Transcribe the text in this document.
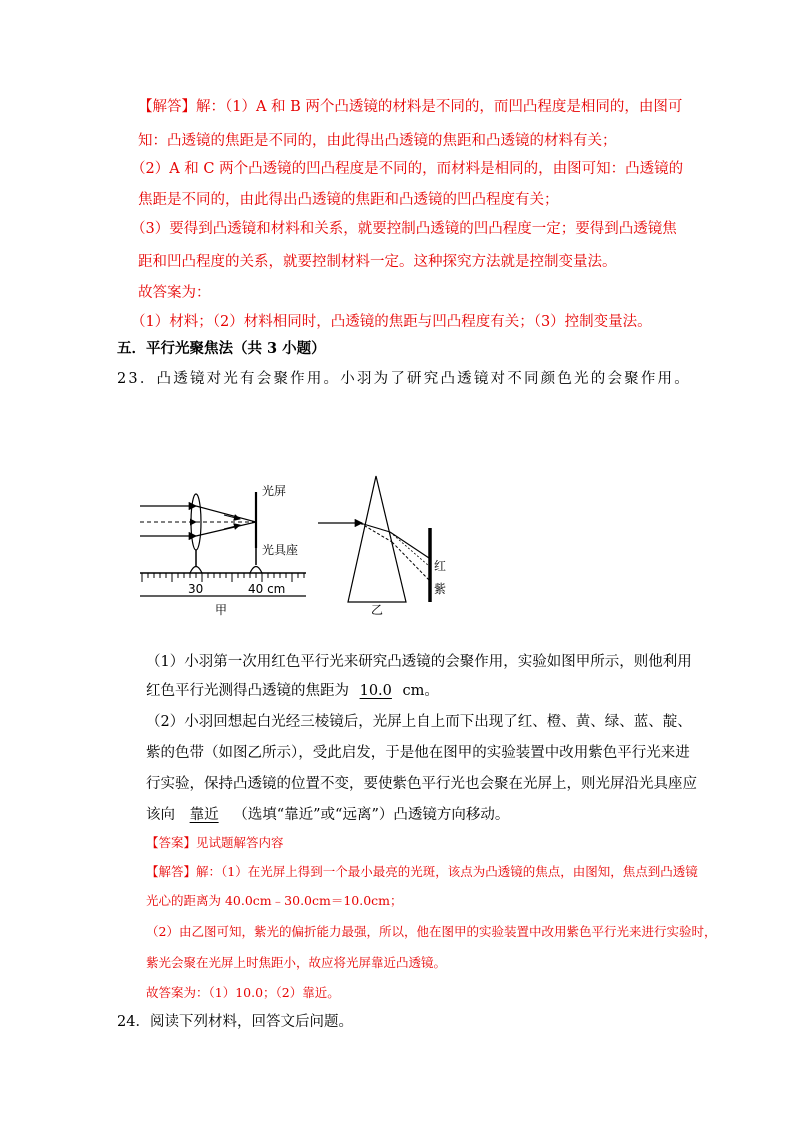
【解答】解：（1）A 和 B 两个凸透镜的材料是不同的，而凹凸程度是相同的，由图可
知：凸透镜的焦距是不同的，由此得出凸透镜的焦距和凸透镜的材料有关；
（2）A 和 C 两个凸透镜的凹凸程度是不同的，而材料是相同的，由图可知：凸透镜的
焦距是不同的，由此得出凸透镜的焦距和凸透镜的凹凸程度有关；
（3）要得到凸透镜和材料和关系，就要控制凸透镜的凹凸程度一定；要得到凸透镜焦
距和凹凸程度的关系，就要控制材料一定。这种探究方法就是控制变量法。
故答案为：
（1）材料；（2）材料相同时，凸透镜的焦距与凹凸程度有关；（3）控制变量法。
五．平行光聚焦法（共 3 小题）
23．凸透镜对光有会聚作用。小羽为了研究凸透镜对不同颜色光的会聚作用。
光屏
光具座
30	40 cm
甲
红
紫
乙
（1）小羽第一次用红色平行光来研究凸透镜的会聚作用，实验如图甲所示，则他利用
红色平行光测得凸透镜的焦距为 10.0 cm。
（2）小羽回想起白光经三棱镜后，光屏上自上而下出现了红、橙、黄、绿、蓝、靛、
紫的色带（如图乙所示），受此启发，于是他在图甲的实验装置中改用紫色平行光来进
行实验，保持凸透镜的位置不变，要使紫色平行光也会聚在光屏上，则光屏沿光具座应
该向 靠近 （选填“靠近”或“远离”）凸透镜方向移动。
【答案】见试题解答内容
【解答】解：（1）在光屏上得到一个最小最亮的光斑，该点为凸透镜的焦点，由图知，焦点到凸透镜
光心的距离为 40.0cm﹣30.0cm＝10.0cm；
（2）由乙图可知，紫光的偏折能力最强，所以，他在图甲的实验装置中改用紫色平行光来进行实验时，
紫光会聚在光屏上时焦距小，故应将光屏靠近凸透镜。
故答案为：（1）10.0；（2）靠近。
24．阅读下列材料，回答文后问题。
